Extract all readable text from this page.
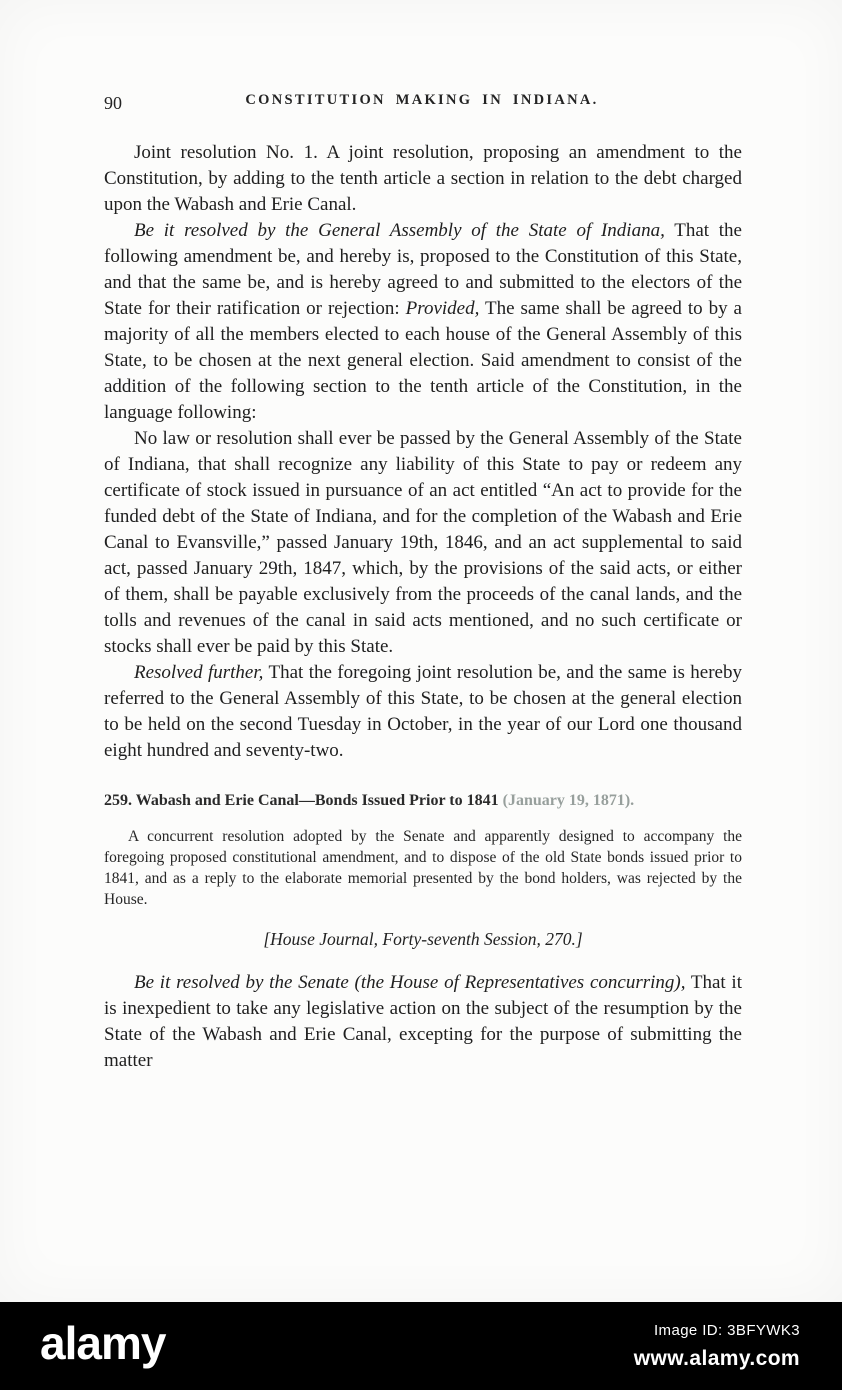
90	CONSTITUTION MAKING IN INDIANA.

Joint resolution No. 1. A joint resolution, proposing an amendment to the Constitution, by adding to the tenth article a section in relation to the debt charged upon the Wabash and Erie Canal.

Be it resolved by the General Assembly of the State of Indiana, That the following amendment be, and hereby is, proposed to the Constitution of this State, and that the same be, and is hereby agreed to and submitted to the electors of the State for their ratification or rejection: Provided, The same shall be agreed to by a majority of all the members elected to each house of the General Assembly of this State, to be chosen at the next general election. Said amendment to consist of the addition of the following section to the tenth article of the Constitution, in the language following:

No law or resolution shall ever be passed by the General Assembly of the State of Indiana, that shall recognize any liability of this State to pay or redeem any certificate of stock issued in pursuance of an act entitled “An act to provide for the funded debt of the State of Indiana, and for the completion of the Wabash and Erie Canal to Evansville,” passed January 19th, 1846, and an act supplemental to said act, passed January 29th, 1847, which, by the provisions of the said acts, or either of them, shall be payable exclusively from the proceeds of the canal lands, and the tolls and revenues of the canal in said acts mentioned, and no such certificate or stocks shall ever be paid by this State.

Resolved further, That the foregoing joint resolution be, and the same is hereby referred to the General Assembly of this State, to be chosen at the general election to be held on the second Tuesday in October, in the year of our Lord one thousand eight hundred and seventy-two.

259. Wabash and Erie Canal—Bonds Issued Prior to 1841 (January 19, 1871).

A concurrent resolution adopted by the Senate and apparently designed to accompany the foregoing proposed constitutional amendment, and to dispose of the old State bonds issued prior to 1841, and as a reply to the elaborate memorial presented by the bond holders, was rejected by the House.

[House Journal, Forty-seventh Session, 270.]

Be it resolved by the Senate (the House of Representatives concurring), That it is inexpedient to take any legislative action on the subject of the resumption by the State of the Wabash and Erie Canal, excepting for the purpose of submitting the matter

alamy	Image ID: 3BFYWK3
www.alamy.com
